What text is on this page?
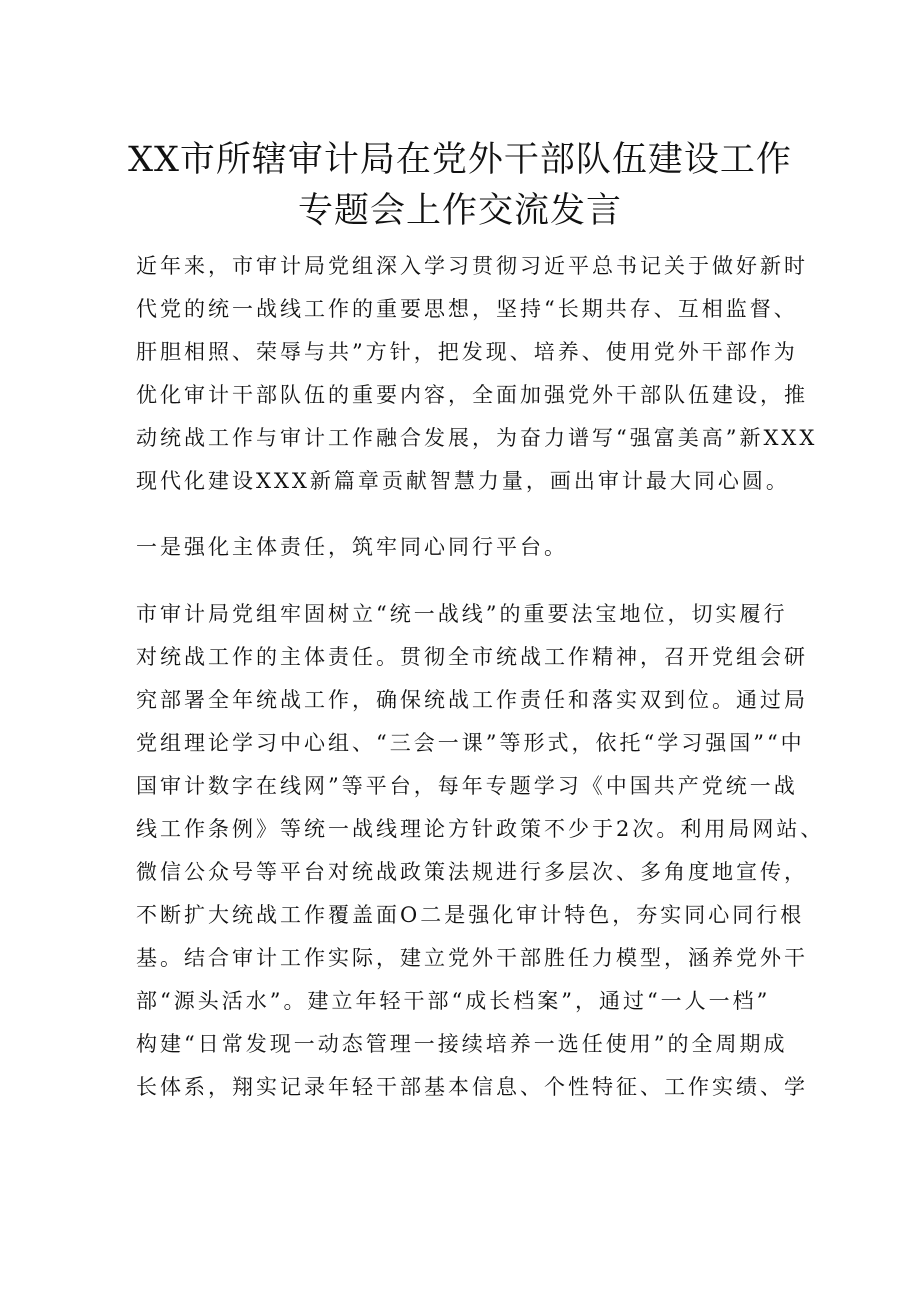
XX市所辖审计局在党外干部队伍建设工作
专题会上作交流发言
近年来，市审计局党组深入学习贯彻习近平总书记关于做好新时
代党的统一战线工作的重要思想，坚持“长期共存、互相监督、
肝胆相照、荣辱与共”方针，把发现、培养、使用党外干部作为
优化审计干部队伍的重要内容，全面加强党外干部队伍建设，推
动统战工作与审计工作融合发展，为奋力谱写“强富美高”新XXX
现代化建设XXX新篇章贡献智慧力量，画出审计最大同心圆。
一是强化主体责任，筑牢同心同行平台。
市审计局党组牢固树立“统一战线”的重要法宝地位，切实履行
对统战工作的主体责任。贯彻全市统战工作精神，召开党组会研
究部署全年统战工作，确保统战工作责任和落实双到位。通过局
党组理论学习中心组、“三会一课”等形式，依托“学习强国”“中
国审计数字在线网”等平台，每年专题学习《中国共产党统一战
线工作条例》等统一战线理论方针政策不少于2次。利用局网站、
微信公众号等平台对统战政策法规进行多层次、多角度地宣传，
不断扩大统战工作覆盖面O二是强化审计特色，夯实同心同行根
基。结合审计工作实际，建立党外干部胜任力模型，涵养党外干
部“源头活水”。建立年轻干部“成长档案”，通过“一人一档”
构建“日常发现一动态管理一接续培养一选任使用”的全周期成
长体系，翔实记录年轻干部基本信息、个性特征、工作实绩、学
